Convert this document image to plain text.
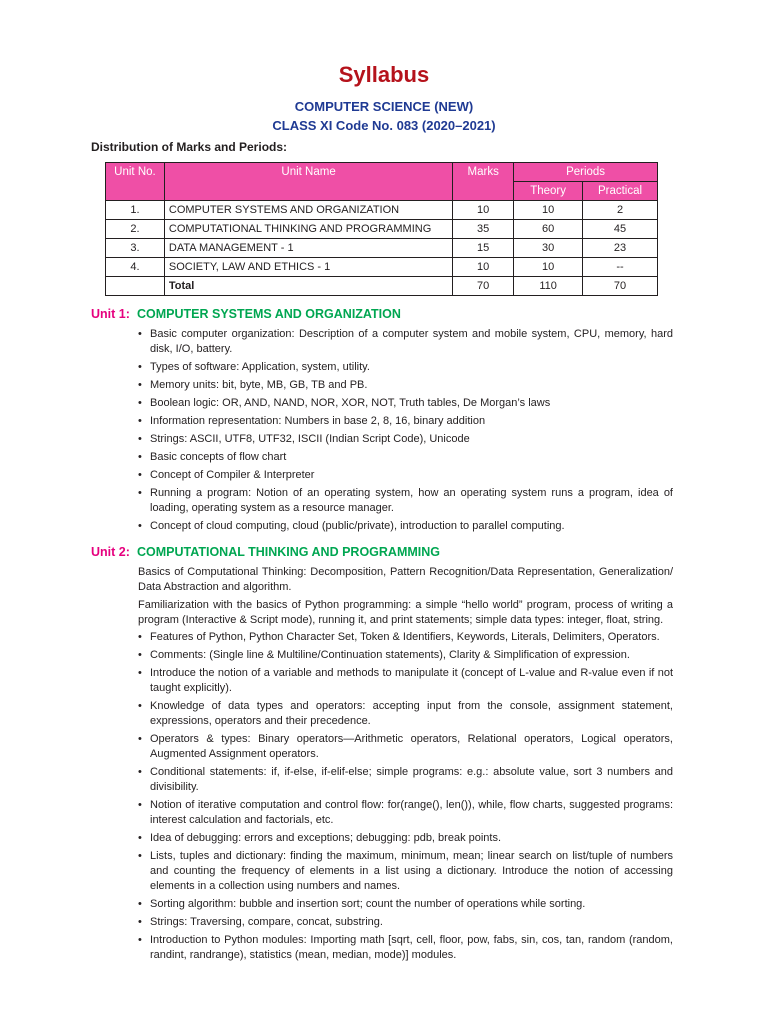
Syllabus
COMPUTER SCIENCE (NEW)
CLASS XI Code No. 083 (2020–2021)
Distribution of Marks and Periods:
Unit No.	Unit Name	Marks	Periods	
			Theory	Practical
1.	COMPUTER SYSTEMS AND ORGANIZATION	10	10	2
2.	COMPUTATIONAL THINKING AND PROGRAMMING	35	60	45
3.	DATA MANAGEMENT - 1	15	30	23
4.	SOCIETY, LAW AND ETHICS - 1	10	10	--
	Total	70	110	70
Unit 1: COMPUTER SYSTEMS AND ORGANIZATION
• Basic computer organization: Description of a computer system and mobile system, CPU, memory, hard disk, I/O, battery.
• Types of software: Application, system, utility.
• Memory units: bit, byte, MB, GB, TB and PB.
• Boolean logic: OR, AND, NAND, NOR, XOR, NOT, Truth tables, De Morgan’s laws
• Information representation: Numbers in base 2, 8, 16, binary addition
• Strings: ASCII, UTF8, UTF32, ISCII (Indian Script Code), Unicode
• Basic concepts of flow chart
• Concept of Compiler & Interpreter
• Running a program: Notion of an operating system, how an operating system runs a program, idea of loading, operating system as a resource manager.
• Concept of cloud computing, cloud (public/private), introduction to parallel computing.
Unit 2: COMPUTATIONAL THINKING AND PROGRAMMING

Basics of Computational Thinking: Decomposition, Pattern Recognition/Data Representation, Generalization/ Data Abstraction and algorithm.

Familiarization with the basics of Python programming: a simple “hello world” program, process of writing a program (Interactive & Script mode), running it, and print statements; simple data types: integer, float, string.

• Features of Python, Python Character Set, Token & Identifiers, Keywords, Literals, Delimiters, Operators.
• Comments: (Single line & Multiline/Continuation statements), Clarity & Simplification of expression.
• Introduce the notion of a variable and methods to manipulate it (concept of L-value and R-value even if not taught explicitly).
• Knowledge of data types and operators: accepting input from the console, assignment statement, expressions, operators and their precedence.
• Operators & types: Binary operators—Arithmetic operators, Relational operators, Logical operators, Augmented Assignment operators.
• Conditional statements: if, if-else, if-elif-else; simple programs: e.g.: absolute value, sort 3 numbers and divisibility.
• Notion of iterative computation and control flow: for(range(), len()), while, flow charts, suggested programs: interest calculation and factorials, etc.
• Idea of debugging: errors and exceptions; debugging: pdb, break points.
• Lists, tuples and dictionary: finding the maximum, minimum, mean; linear search on list/tuple of numbers and counting the frequency of elements in a list using a dictionary. Introduce the notion of accessing elements in a collection using numbers and names.
• Sorting algorithm: bubble and insertion sort; count the number of operations while sorting.
• Strings: Traversing, compare, concat, substring.
• Introduction to Python modules: Importing math [sqrt, cell, floor, pow, fabs, sin, cos, tan, random (random, randint, randrange), statistics (mean, median, mode)] modules.
